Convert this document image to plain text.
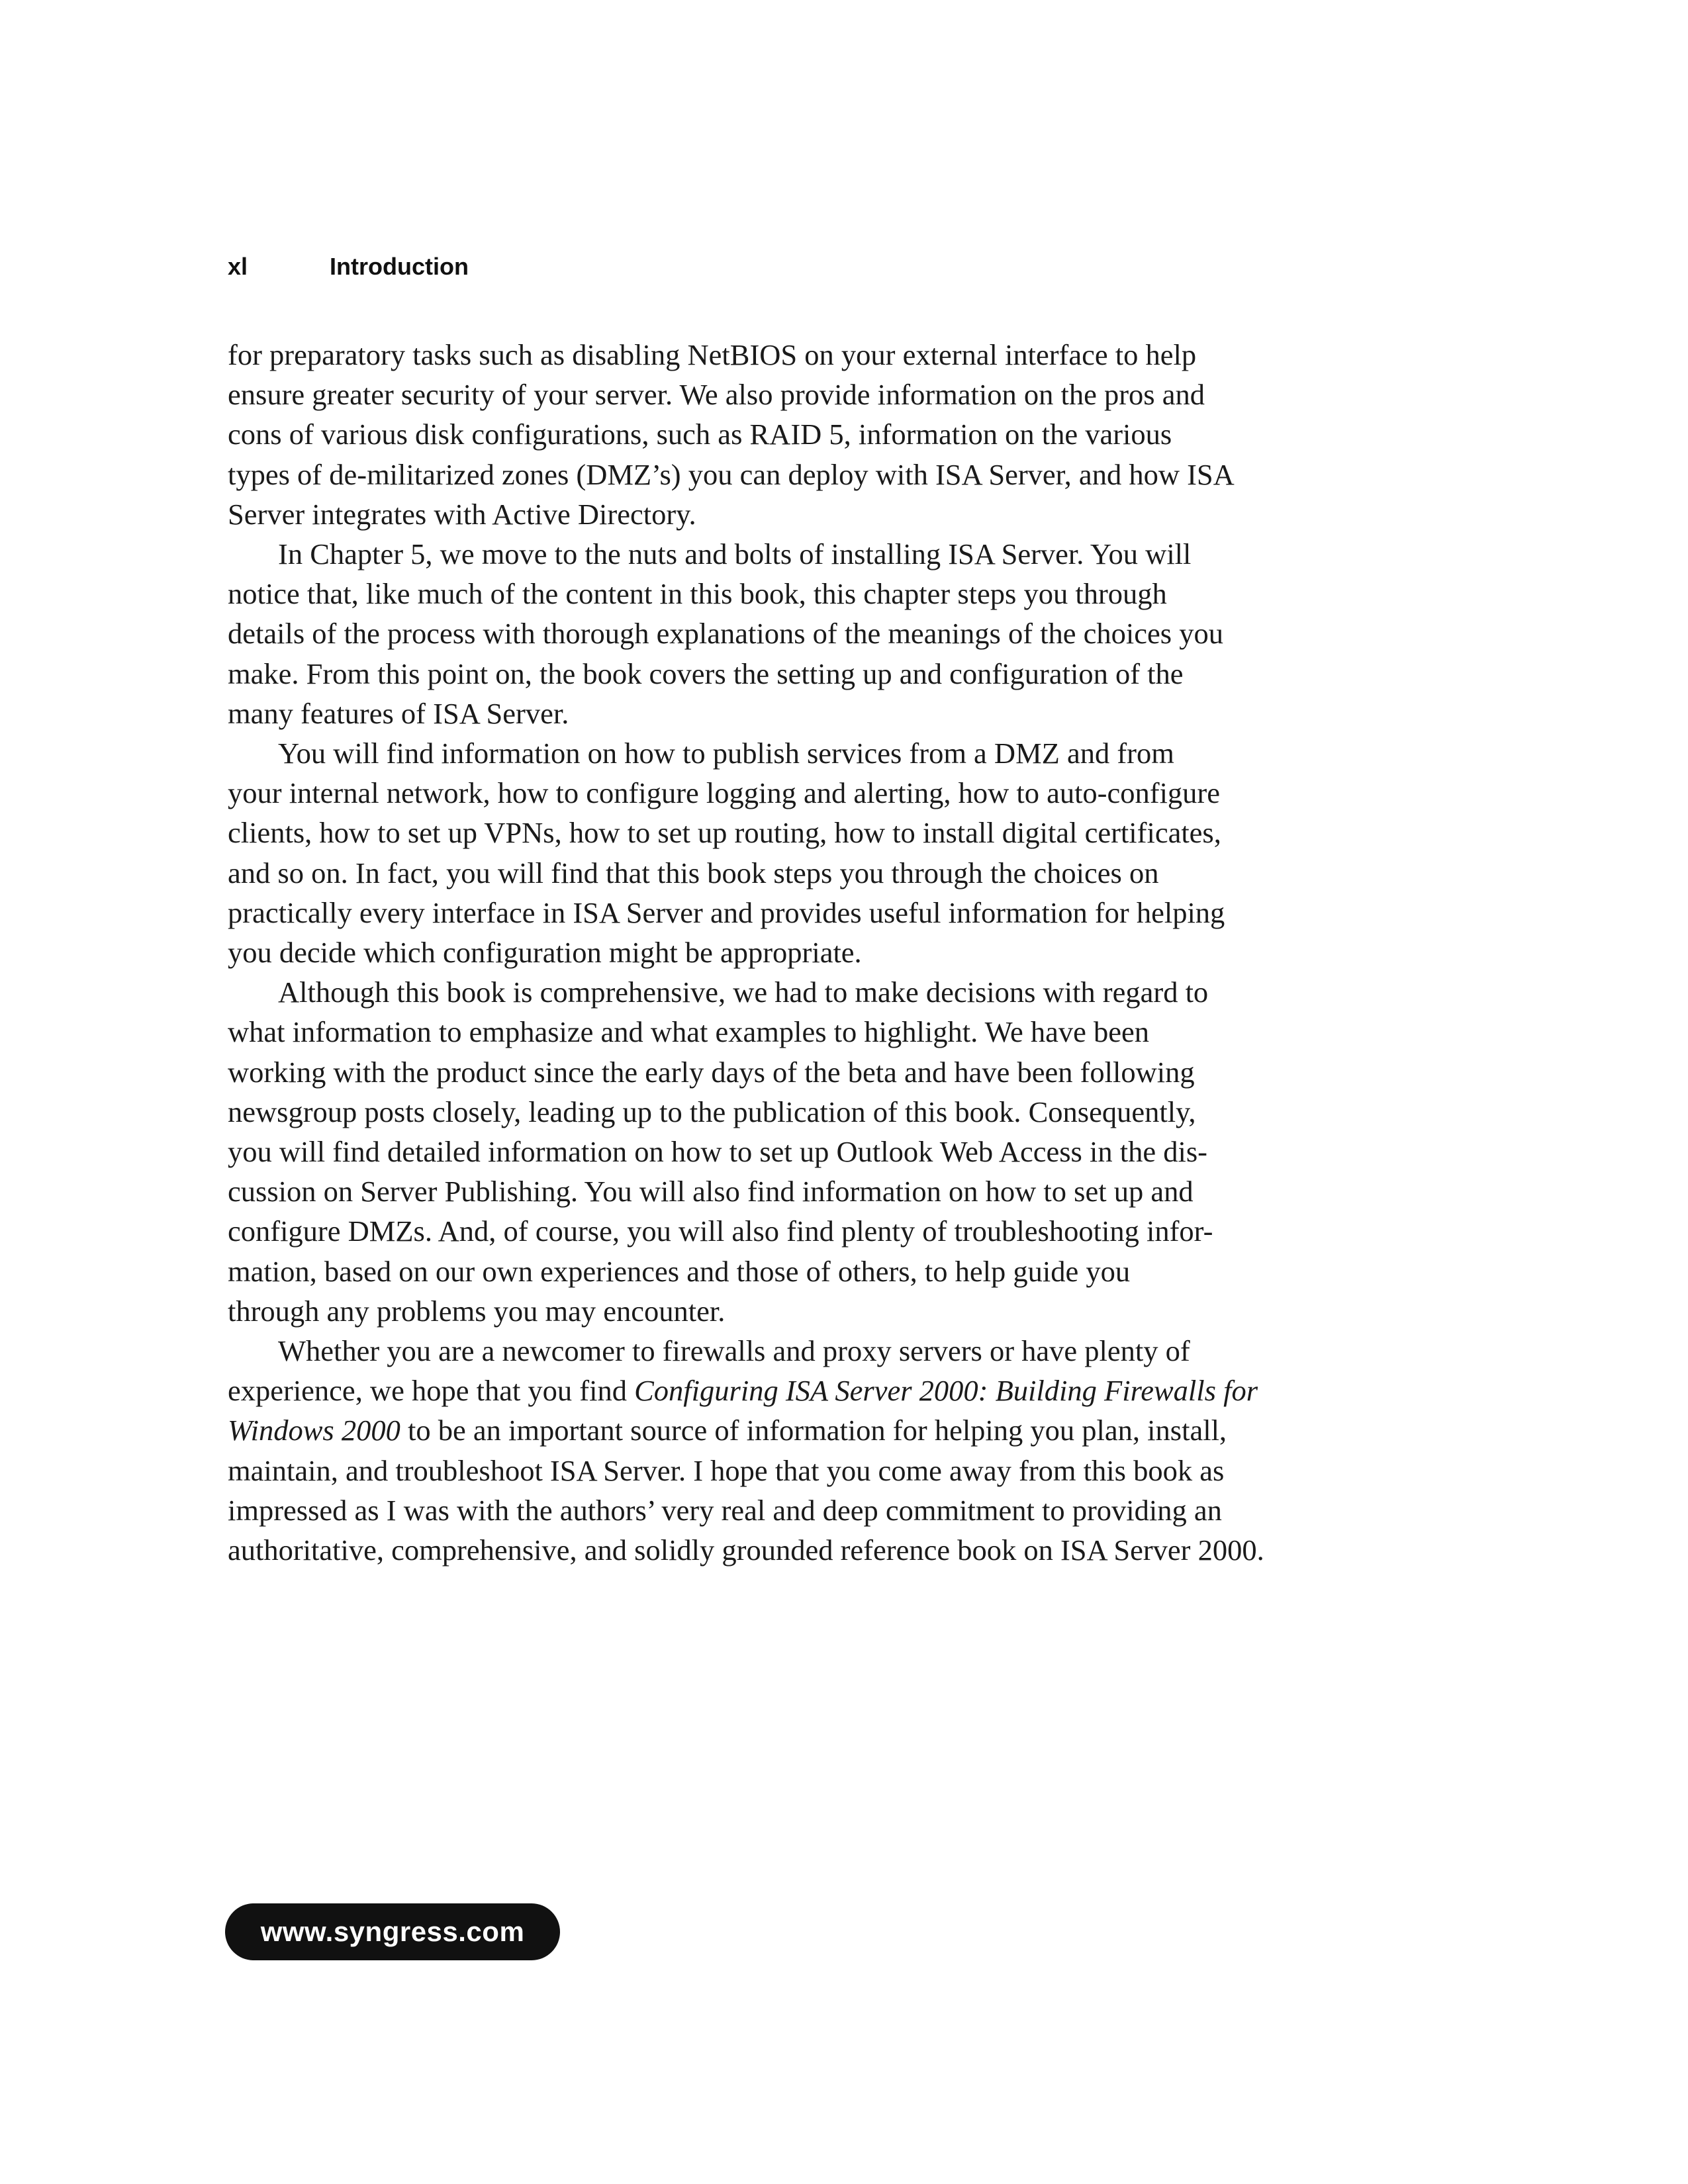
xl	Introduction

for preparatory tasks such as disabling NetBIOS on your external interface to help
ensure greater security of your server. We also provide information on the pros and
cons of various disk configurations, such as RAID 5, information on the various
types of de-militarized zones (DMZ’s) you can deploy with ISA Server, and how ISA
Server integrates with Active Directory.

In Chapter 5, we move to the nuts and bolts of installing ISA Server. You will
notice that, like much of the content in this book, this chapter steps you through
details of the process with thorough explanations of the meanings of the choices you
make. From this point on, the book covers the setting up and configuration of the
many features of ISA Server.

You will find information on how to publish services from a DMZ and from
your internal network, how to configure logging and alerting, how to auto-configure
clients, how to set up VPNs, how to set up routing, how to install digital certificates,
and so on. In fact, you will find that this book steps you through the choices on
practically every interface in ISA Server and provides useful information for helping
you decide which configuration might be appropriate.

Although this book is comprehensive, we had to make decisions with regard to
what information to emphasize and what examples to highlight. We have been
working with the product since the early days of the beta and have been following
newsgroup posts closely, leading up to the publication of this book. Consequently,
you will find detailed information on how to set up Outlook Web Access in the dis-
cussion on Server Publishing. You will also find information on how to set up and
configure DMZs. And, of course, you will also find plenty of troubleshooting infor-
mation, based on our own experiences and those of others, to help guide you
through any problems you may encounter.

Whether you are a newcomer to firewalls and proxy servers or have plenty of
experience, we hope that you find Configuring ISA Server 2000: Building Firewalls for
Windows 2000 to be an important source of information for helping you plan, install,
maintain, and troubleshoot ISA Server. I hope that you come away from this book as
impressed as I was with the authors’ very real and deep commitment to providing an
authoritative, comprehensive, and solidly grounded reference book on ISA Server 2000.

www.syngress.com
